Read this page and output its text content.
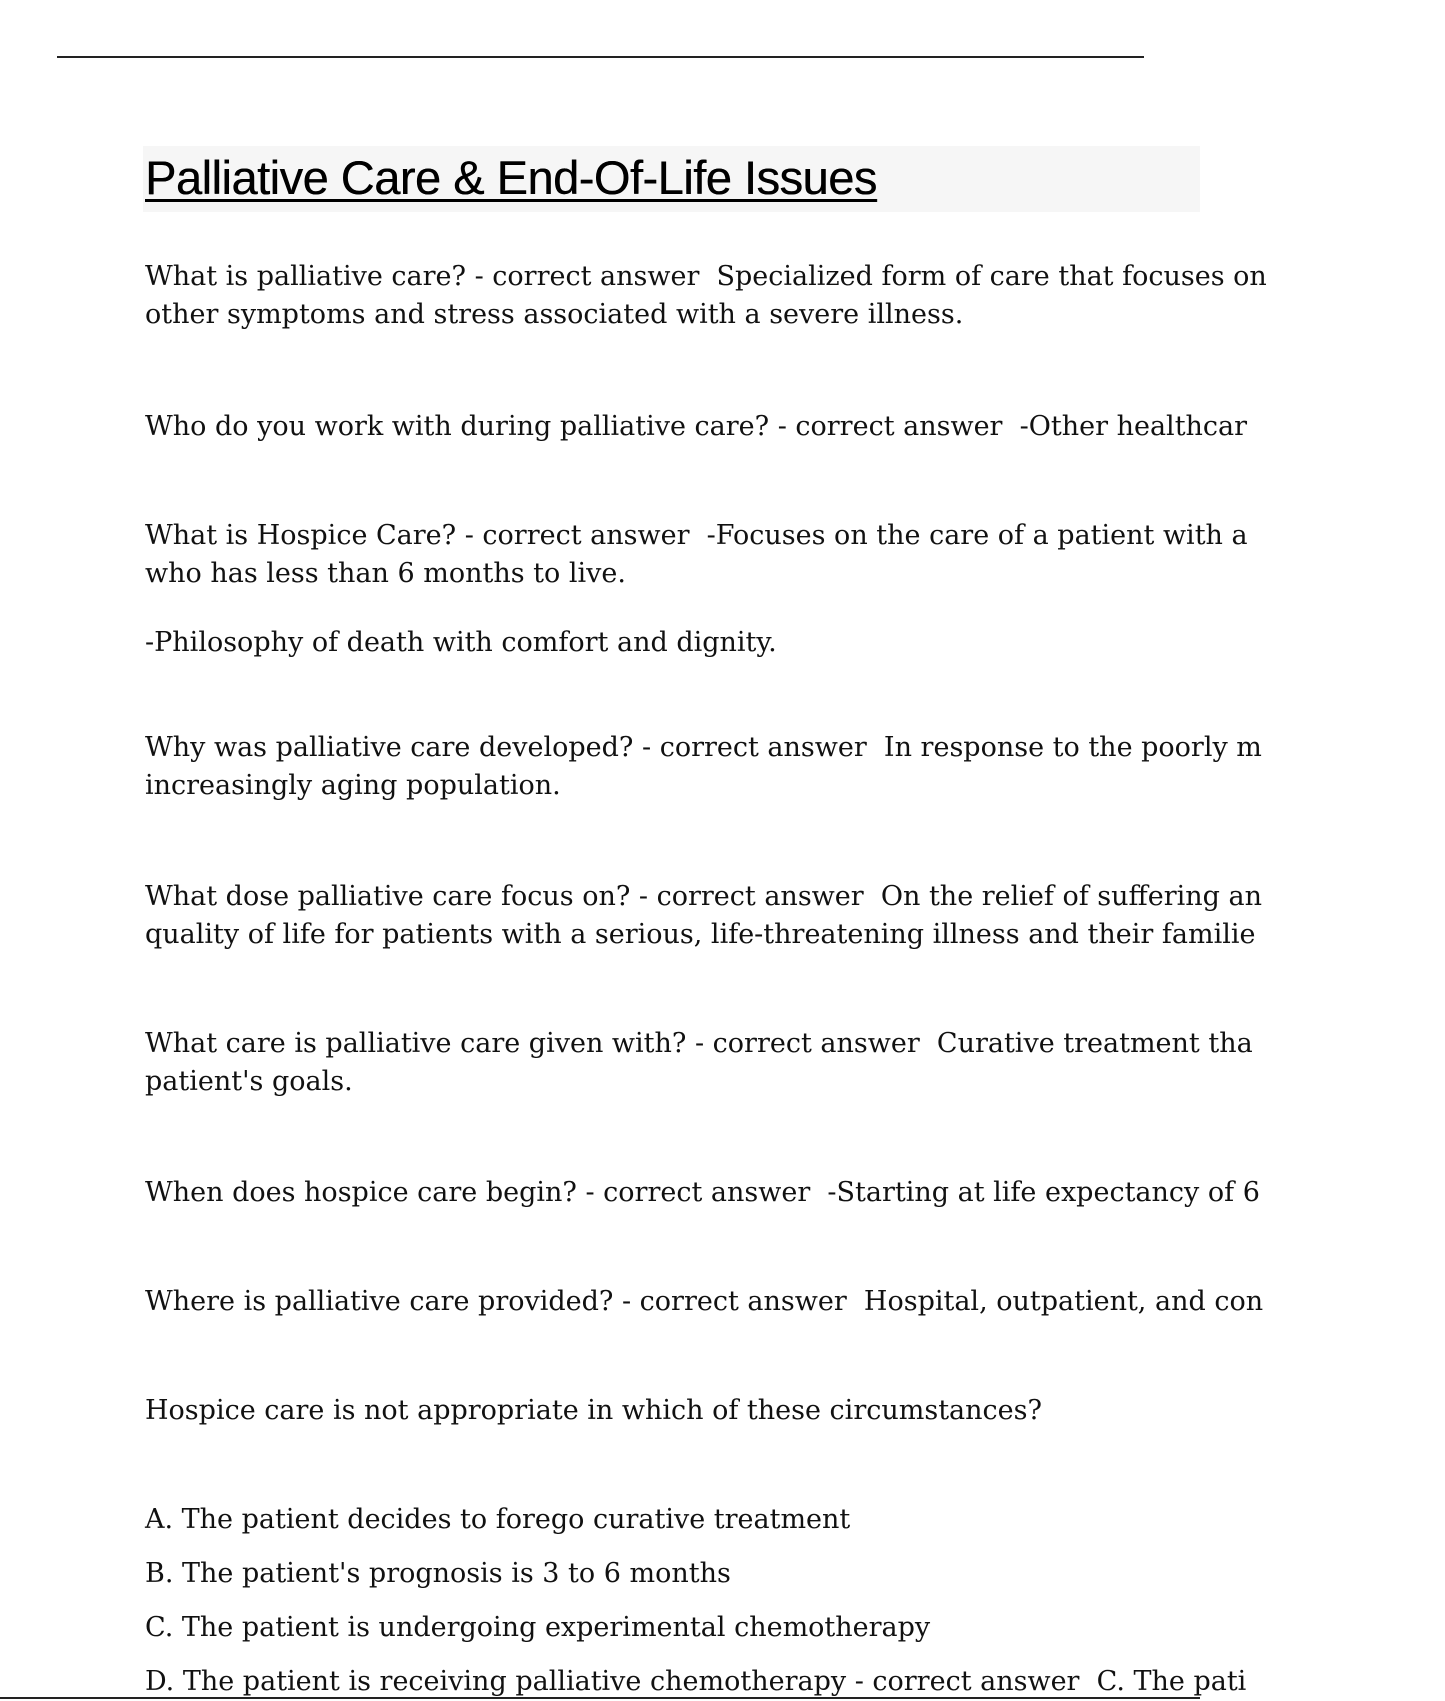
Palliative Care & End-Of-Life Issues

What is palliative care? - correct answer  Specialized form of care that focuses on
other symptoms and stress associated with a severe illness.

Who do you work with during palliative care? - correct answer  -Other healthcar

What is Hospice Care? - correct answer  -Focuses on the care of a patient with a
who has less than 6 months to live.

-Philosophy of death with comfort and dignity.

Why was palliative care developed? - correct answer  In response to the poorly m
increasingly aging population.

What dose palliative care focus on? - correct answer  On the relief of suffering an
quality of life for patients with a serious, life-threatening illness and their familie

What care is palliative care given with? - correct answer  Curative treatment tha
patient's goals.

When does hospice care begin? - correct answer  -Starting at life expectancy of 6

Where is palliative care provided? - correct answer  Hospital, outpatient, and con

Hospice care is not appropriate in which of these circumstances?

A. The patient decides to forego curative treatment

B. The patient's prognosis is 3 to 6 months

C. The patient is undergoing experimental chemotherapy

D. The patient is receiving palliative chemotherapy - correct answer  C. The pati
